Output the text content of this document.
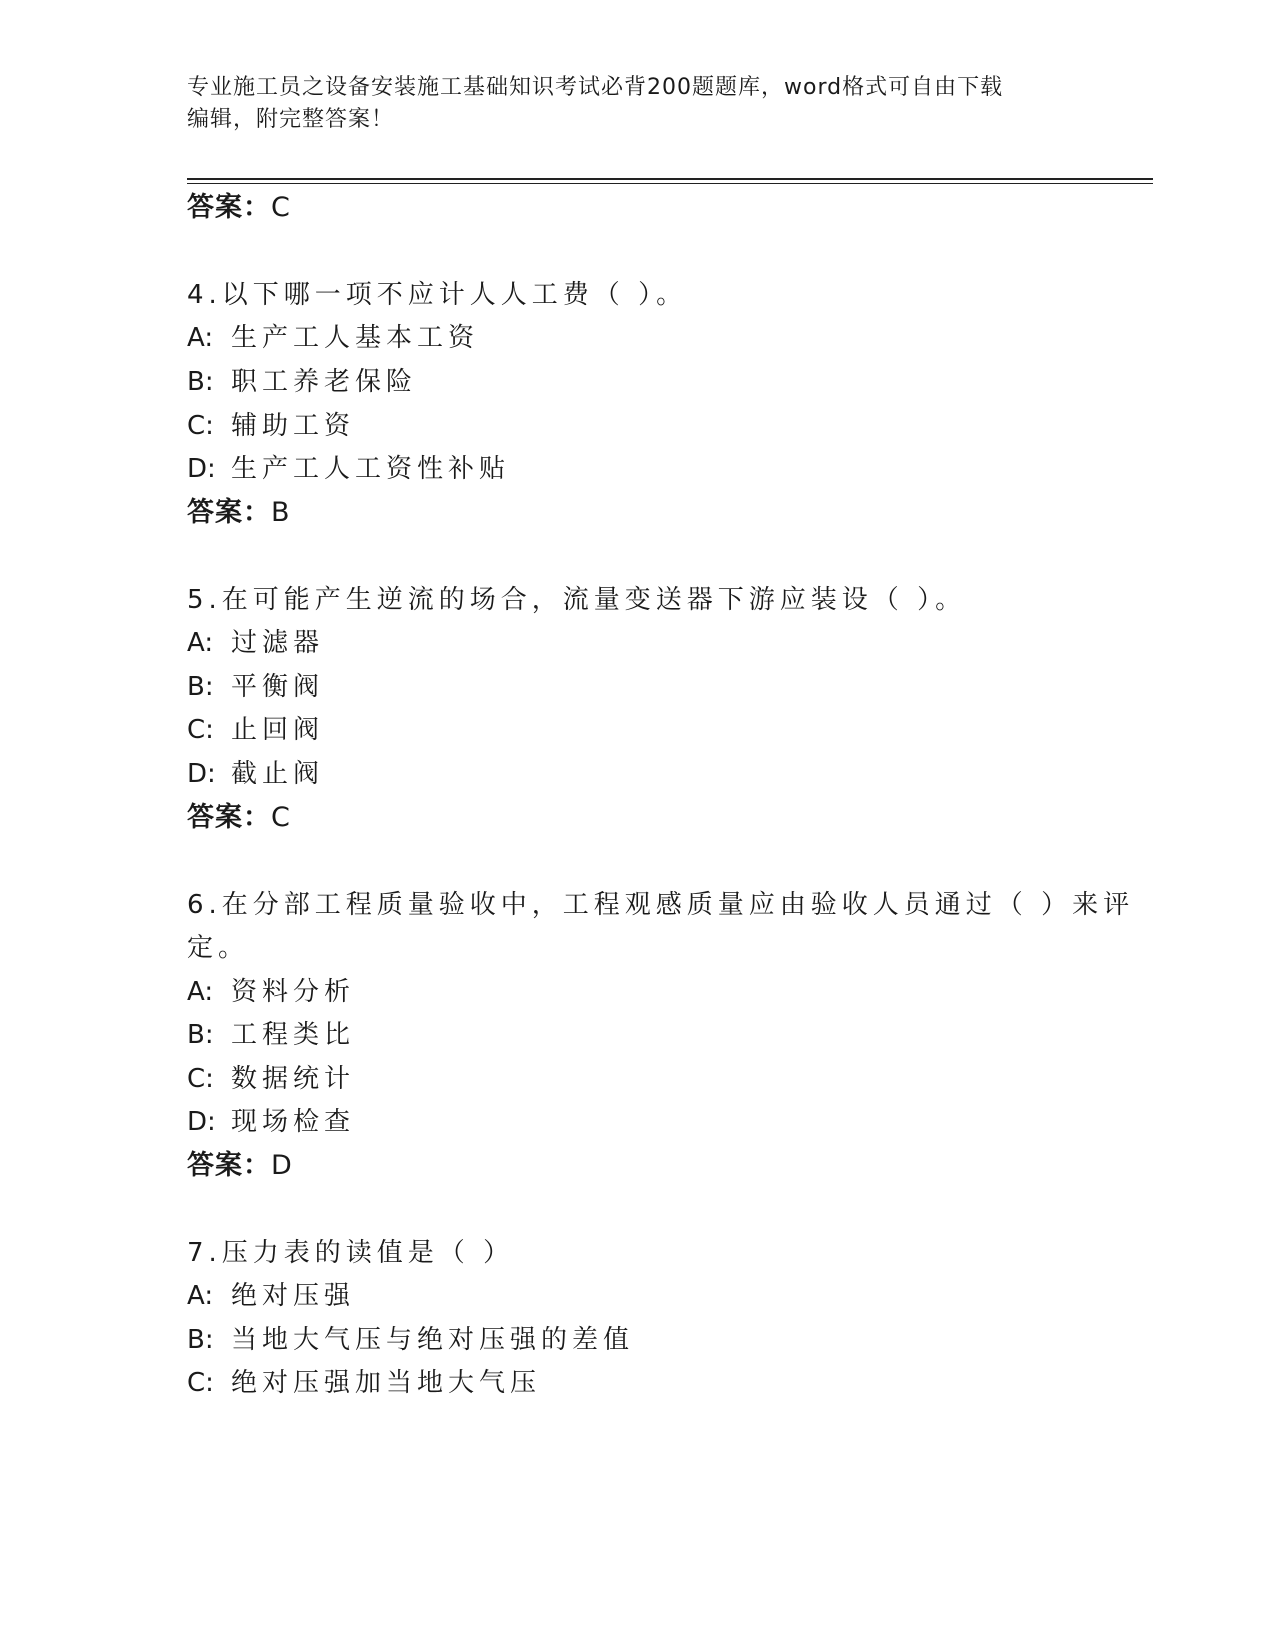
专业施工员之设备安装施工基础知识考试必背200题题库，word格式可自由下载
编辑，附完整答案！
答案：C
4.以下哪一项不应计人人工费（ ）。
A: 生产工人基本工资
B: 职工养老保险
C: 辅助工资
D: 生产工人工资性补贴
答案：B
5.在可能产生逆流的场合，流量变送器下游应装设（ ）。
A: 过滤器
B: 平衡阀
C: 止回阀
D: 截止阀
答案：C
6.在分部工程质量验收中，工程观感质量应由验收人员通过（ ）来评
定。
A: 资料分析
B: 工程类比
C: 数据统计
D: 现场检查
答案：D
7.压力表的读值是（ ）
A: 绝对压强
B: 当地大气压与绝对压强的差值
C: 绝对压强加当地大气压
